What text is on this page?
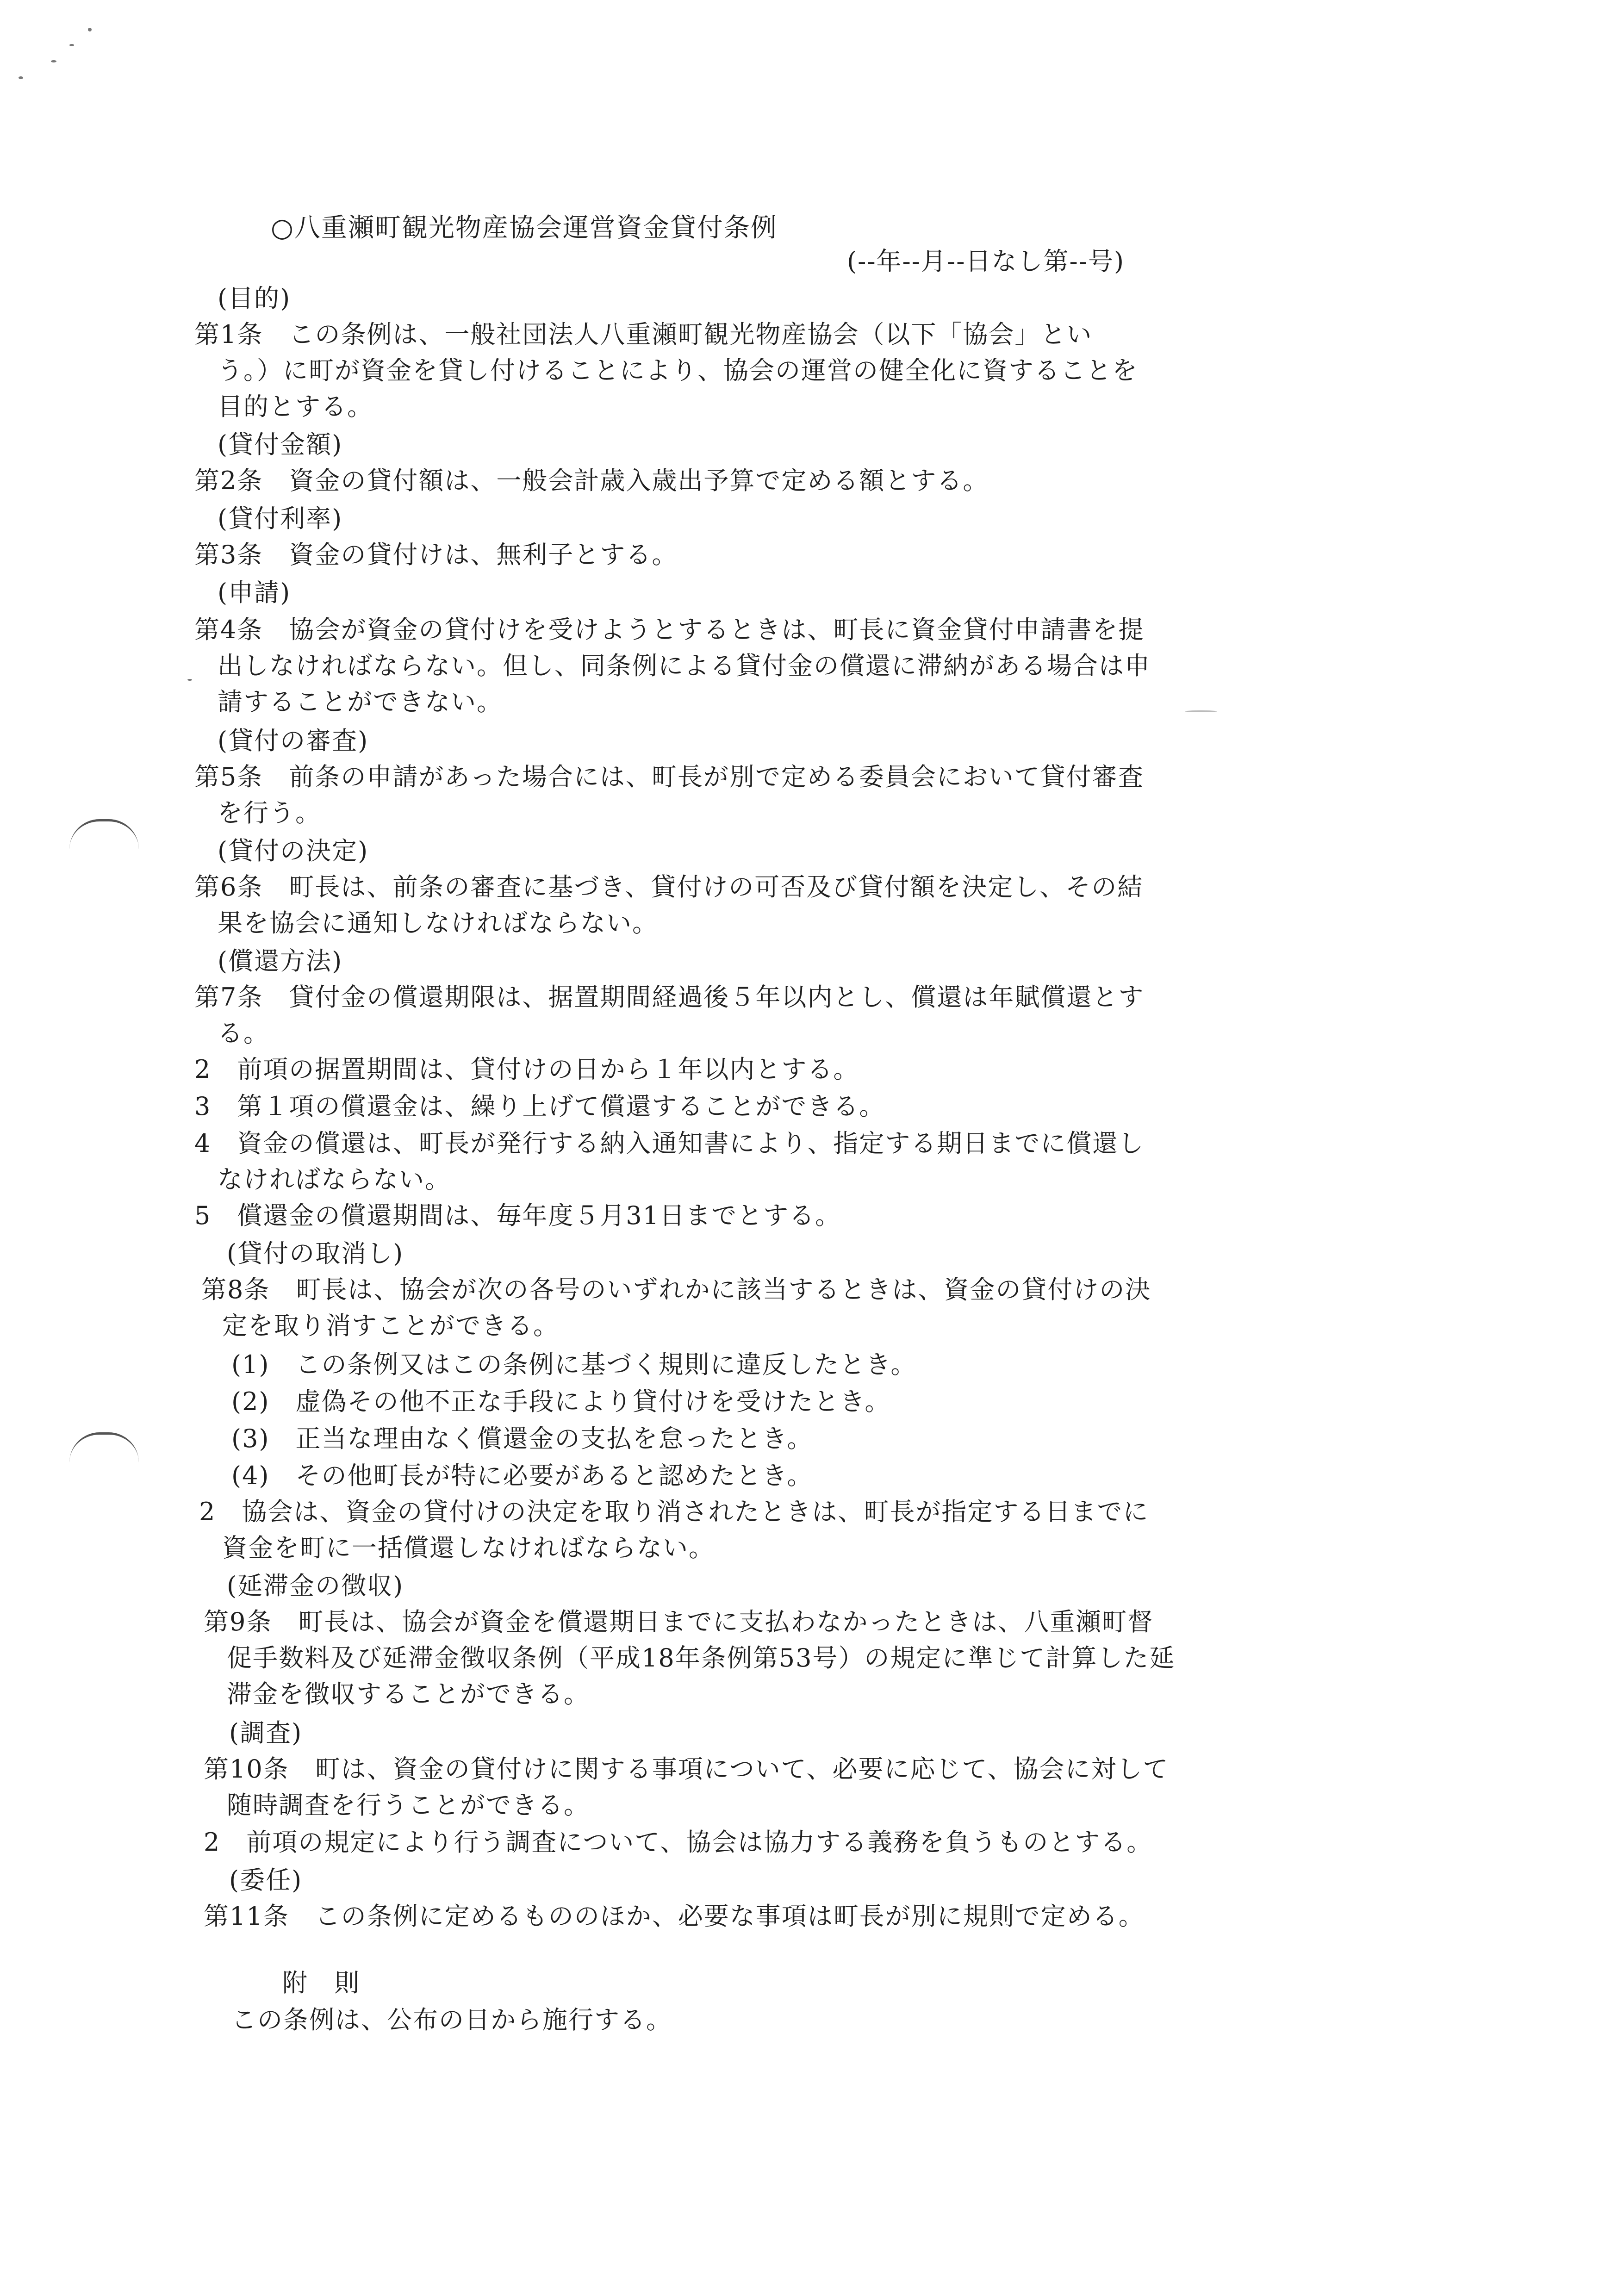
○八重瀬町観光物産協会運営資金貸付条例
(--年--月--日なし第--号)
(目的)
第1条　この条例は、一般社団法人八重瀬町観光物産協会（以下「協会」とい
う。）に町が資金を貸し付けることにより、協会の運営の健全化に資することを
目的とする。
(貸付金額)
第2条　資金の貸付額は、一般会計歳入歳出予算で定める額とする。
(貸付利率)
第3条　資金の貸付けは、無利子とする。
(申請)
第4条　協会が資金の貸付けを受けようとするときは、町長に資金貸付申請書を提
出しなければならない。但し、同条例による貸付金の償還に滞納がある場合は申
請することができない。
(貸付の審査)
第5条　前条の申請があった場合には、町長が別で定める委員会において貸付審査
を行う。
(貸付の決定)
第6条　町長は、前条の審査に基づき、貸付けの可否及び貸付額を決定し、その結
果を協会に通知しなければならない。
(償還方法)
第7条　貸付金の償還期限は、据置期間経過後５年以内とし、償還は年賦償還とす
る。
2　前項の据置期間は、貸付けの日から１年以内とする。
3　第１項の償還金は、繰り上げて償還することができる。
4　資金の償還は、町長が発行する納入通知書により、指定する期日までに償還し
なければならない。
5　償還金の償還期間は、毎年度５月31日までとする。
(貸付の取消し)
第8条　町長は、協会が次の各号のいずれかに該当するときは、資金の貸付けの決
定を取り消すことができる。
(1)　この条例又はこの条例に基づく規則に違反したとき。
(2)　虚偽その他不正な手段により貸付けを受けたとき。
(3)　正当な理由なく償還金の支払を怠ったとき。
(4)　その他町長が特に必要があると認めたとき。
2　協会は、資金の貸付けの決定を取り消されたときは、町長が指定する日までに
資金を町に一括償還しなければならない。
(延滞金の徴収)
第9条　町長は、協会が資金を償還期日までに支払わなかったときは、八重瀬町督
促手数料及び延滞金徴収条例（平成18年条例第53号）の規定に準じて計算した延
滞金を徴収することができる。
(調査)
第10条　町は、資金の貸付けに関する事項について、必要に応じて、協会に対して
随時調査を行うことができる。
2　前項の規定により行う調査について、協会は協力する義務を負うものとする。
(委任)
第11条　この条例に定めるもののほか、必要な事項は町長が別に規則で定める。
附　則
この条例は、公布の日から施行する。
